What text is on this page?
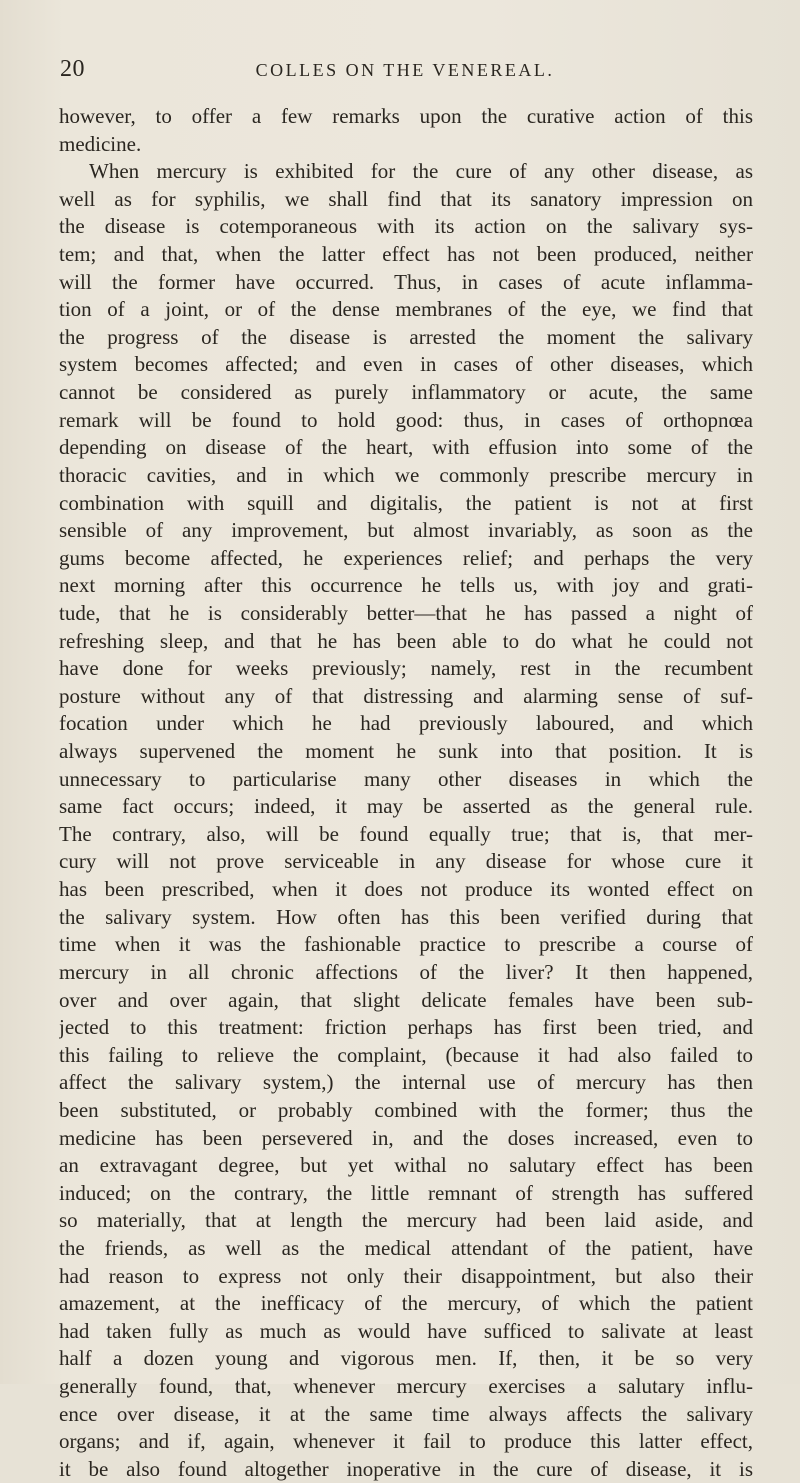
20	COLLES ON THE VENEREAL.
however, to offer a few remarks upon the curative action of this
medicine.
When mercury is exhibited for the cure of any other disease, as
well as for syphilis, we shall find that its sanatory impression on
the disease is cotemporaneous with its action on the salivary sys-
tem; and that, when the latter effect has not been produced, neither
will the former have occurred. Thus, in cases of acute inflamma-
tion of a joint, or of the dense membranes of the eye, we find that
the progress of the disease is arrested the moment the salivary
system becomes affected; and even in cases of other diseases, which
cannot be considered as purely inflammatory or acute, the same
remark will be found to hold good: thus, in cases of orthopnœa
depending on disease of the heart, with effusion into some of the
thoracic cavities, and in which we commonly prescribe mercury in
combination with squill and digitalis, the patient is not at first
sensible of any improvement, but almost invariably, as soon as the
gums become affected, he experiences relief; and perhaps the very
next morning after this occurrence he tells us, with joy and grati-
tude, that he is considerably better—that he has passed a night of
refreshing sleep, and that he has been able to do what he could not
have done for weeks previously; namely, rest in the recumbent
posture without any of that distressing and alarming sense of suf-
focation under which he had previously laboured, and which
always supervened the moment he sunk into that position. It is
unnecessary to particularise many other diseases in which the
same fact occurs; indeed, it may be asserted as the general rule.
The contrary, also, will be found equally true; that is, that mer-
cury will not prove serviceable in any disease for whose cure it
has been prescribed, when it does not produce its wonted effect on
the salivary system. How often has this been verified during that
time when it was the fashionable practice to prescribe a course of
mercury in all chronic affections of the liver? It then happened,
over and over again, that slight delicate females have been sub-
jected to this treatment: friction perhaps has first been tried, and
this failing to relieve the complaint, (because it had also failed to
affect the salivary system,) the internal use of mercury has then
been substituted, or probably combined with the former; thus the
medicine has been persevered in, and the doses increased, even to
an extravagant degree, but yet withal no salutary effect has been
induced; on the contrary, the little remnant of strength has suffered
so materially, that at length the mercury had been laid aside, and
the friends, as well as the medical attendant of the patient, have
had reason to express not only their disappointment, but also their
amazement, at the inefficacy of the mercury, of which the patient
had taken fully as much as would have sufficed to salivate at least
half a dozen young and vigorous men. If, then, it be so very
generally found, that, whenever mercury exercises a salutary influ-
ence over disease, it at the same time always affects the salivary
organs; and if, again, whenever it fail to produce this latter effect,
it be also found altogether inoperative in the cure of disease, it is
